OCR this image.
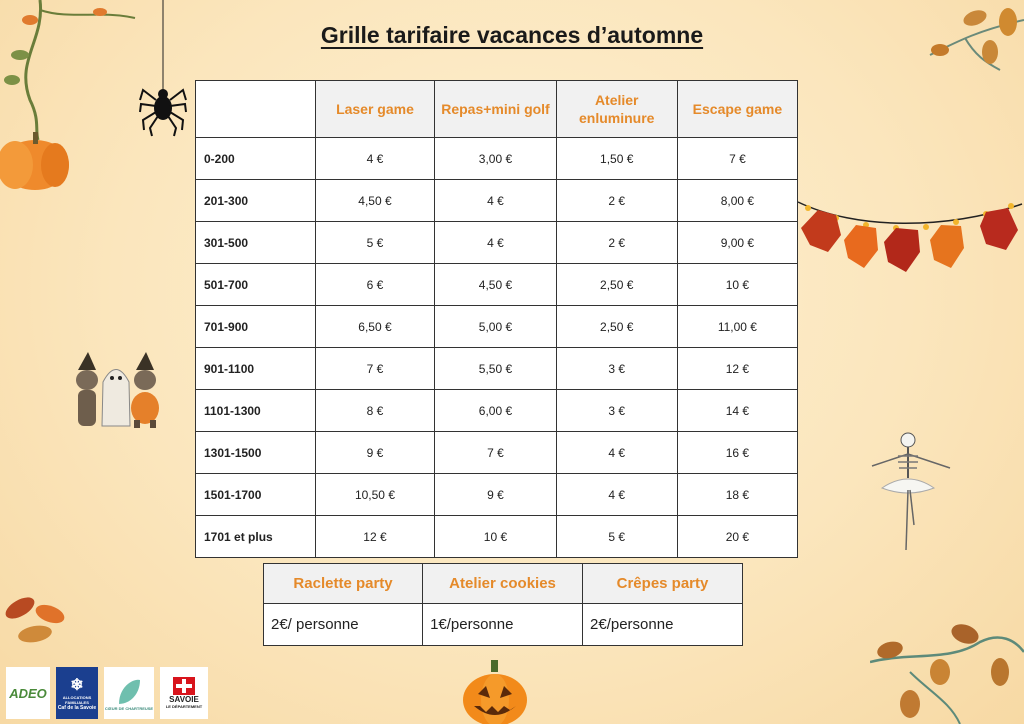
Grille tarifaire vacances d’automne
	Laser game	Repas+mini golf	Atelier enluminure	Escape game
0-200	4 €	3,00 €	1,50 €	7 €
201-300	4,50 €	4 €	2 €	8,00 €
301-500	5 €	4 €	2 €	9,00 €
501-700	6 €	4,50 €	2,50 €	10 €
701-900	6,50 €	5,00 €	2,50 €	11,00 €
901-1100	7 €	5,50 €	3 €	12 €
1101-1300	8 €	6,00 €	3 €	14 €
1301-1500	9 €	7 €	4 €	16 €
1501-1700	10,50 €	9 €	4 €	18 €
1701 et plus	12 €	10 €	5 €	20 €
Raclette party	Atelier cookies	Crêpes party
2€/ personne	1€/personne	2€/personne
ADEO ❄
ALLOCATIONS FAMILIALES
Caf de la Savoie CŒUR DE CHARTREUSE
SAVOIE
LE DÉPARTEMENT
